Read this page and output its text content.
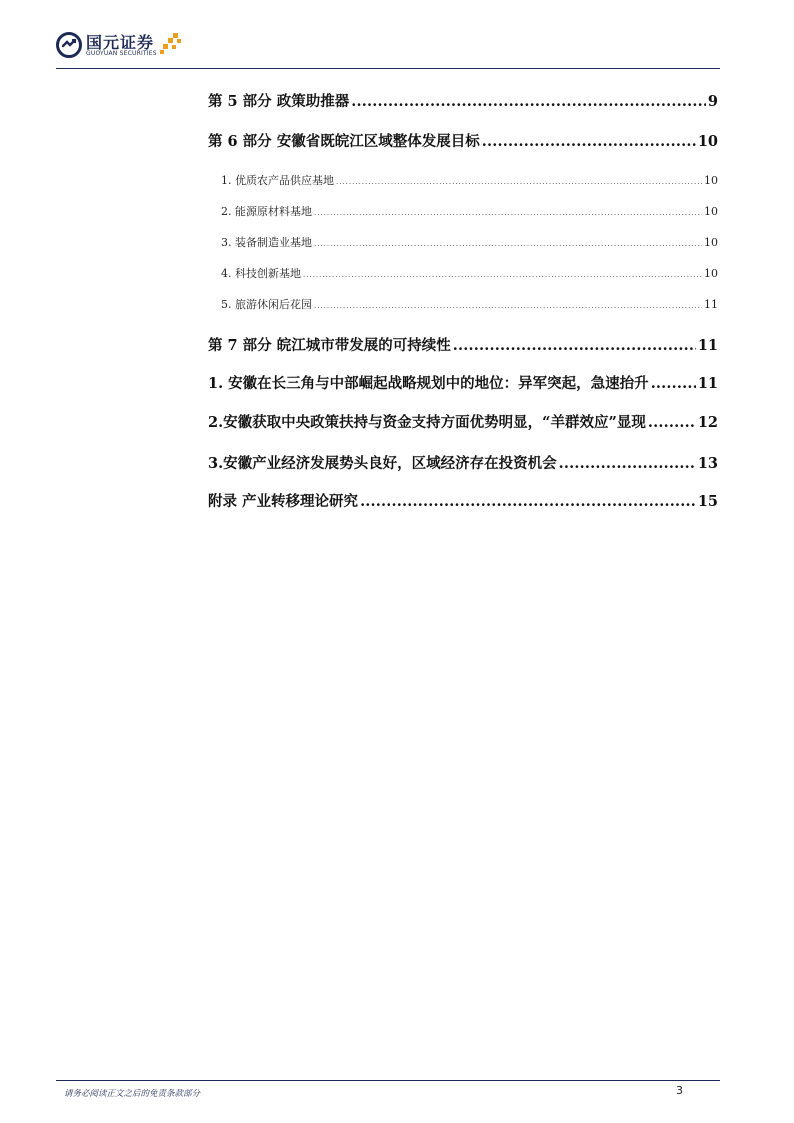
国元证券
GUOYUAN SECURITIES
第 5 部分 政策助推器 .....	9
第 6 部分 安徽省既皖江区域整体发展目标 .....	10
1. 优质农产品供应基地 .....	10
2. 能源原材料基地 .....	10
3. 装备制造业基地 .....	10
4. 科技创新基地 .....	10
5. 旅游休闲后花园 .....	11
第 7 部分 皖江城市带发展的可持续性 .....	11
1. 安徽在长三角与中部崛起战略规划中的地位：异军突起，急速抬升 .....	11
2.安徽获取中央政策扶持与资金支持方面优势明显，“羊群效应”显现 .....	12
3.安徽产业经济发展势头良好，区域经济存在投资机会 .....	13
附录 产业转移理论研究 .....	15
请务必阅读正文之后的免责条款部分	3
